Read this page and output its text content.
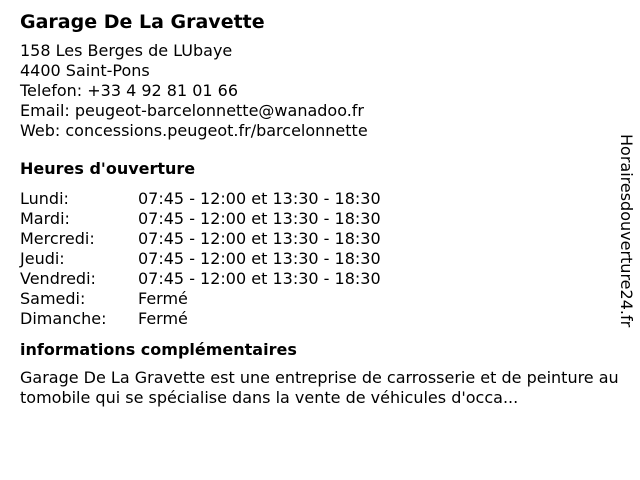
Garage De La Gravette
158 Les Berges de LUbaye
4400 Saint-Pons
Telefon: +33 4 92 81 01 66
Email: peugeot-barcelonnette@wanadoo.fr
Web: concessions.peugeot.fr/barcelonnette
Heures d'ouverture
Lundi:	07:45 - 12:00 et 13:30 - 18:30
Mardi:	07:45 - 12:00 et 13:30 - 18:30
Mercredi:	07:45 - 12:00 et 13:30 - 18:30
Jeudi:	07:45 - 12:00 et 13:30 - 18:30
Vendredi:	07:45 - 12:00 et 13:30 - 18:30
Samedi:	Fermé
Dimanche:	Fermé
informations complémentaires

Garage De La Gravette est une entreprise de carrosserie et de peinture automobile qui se spécialise dans la vente de véhicules d'occa...

Horairesdouverture24.fr
